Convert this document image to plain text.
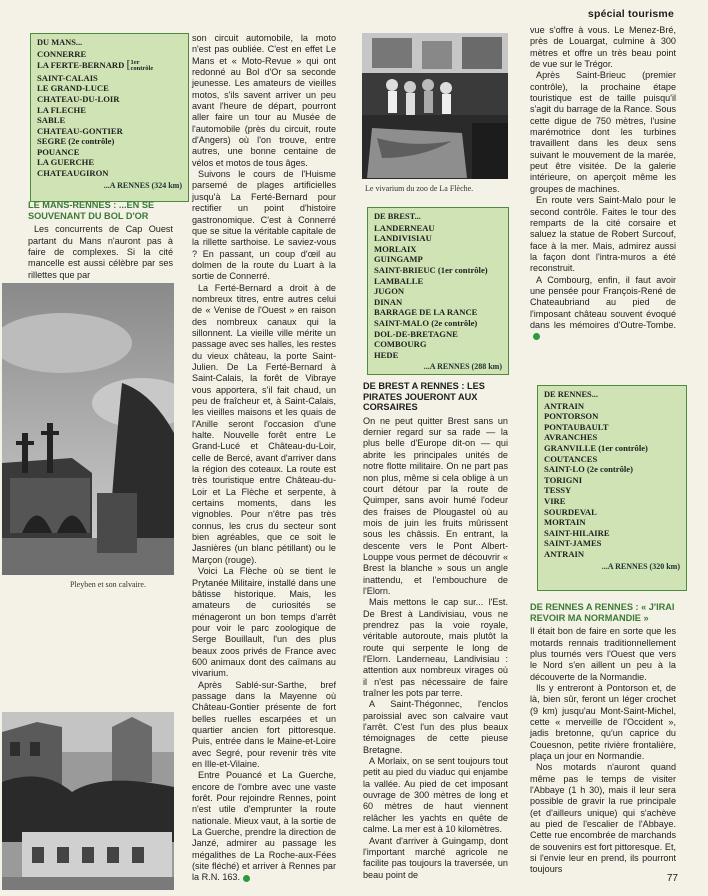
spécial tourisme
DU MANS...
CONNERRE
LA FERTE-BERNARD [1er
contrôle
SAINT-CALAIS
LE GRAND-LUCE
CHATEAU-DU-LOIR
LA FLECHE
SABLE
CHATEAU-GONTIER
SEGRE (2e contrôle)
POUANCE
LA GUERCHE
CHATEAUGIRON
...A RENNES (324 km)
LE MANS-RENNES : ...EN SE SOUVENANT DU BOL D'OR

Les concurrents de Cap Ouest partant du Mans n'auront pas à faire de complexes. Si la cité mancelle est aussi célèbre par ses rillettes que par

Pleyben et son calvaire.

son circuit automobile, la moto n'est pas oubliée. C'est en effet Le Mans et « Moto-Revue » qui ont redonné au Bol d'Or sa seconde jeunesse. Les amateurs de vieilles motos, s'ils savent arriver un peu avant l'heure de départ, pourront aller faire un tour au Musée de l'automobile (près du circuit, route d'Angers) où l'on trouve, entre autres, une bonne centaine de vélos et motos de tous âges.

Suivons le cours de l'Huisme parsemé de plages artificielles jusqu'à La Ferté-Bernard pour rectifier un point d'histoire gastronomique. C'est à Connerré que se situe la véritable capitale de la rillette sarthoise. Le saviez-vous ? En passant, un coup d'œil au dolmen de la route du Luart à la sortie de Connerré.

La Ferté-Bernard a droit à de nombreux titres, entre autres celui de « Venise de l'Ouest » en raison des nombreux canaux qui la sillonnent. La vieille ville mérite un passage avec ses halles, les restes du vieux château, la porte Saint-Julien. De La Ferté-Bernard à Saint-Calais, la forêt de Vibraye vous apportera, s'il fait chaud, un peu de fraîcheur et, à Saint-Calais, les vieilles maisons et les quais de l'Anille seront l'occasion d'une halte. Nouvelle forêt entre Le Grand-Lucé et Château-du-Loir, celle de Bercé, avant d'arriver dans la région des coteaux. La route est très touristique entre Château-du-Loir et La Flèche et serpente, à certains moments, dans les vignobles. Pour n'être pas très connus, les crus du secteur sont bien agréables, que ce soit le Jasnières (un blanc pétillant) ou le Marçon (rouge).

Voici La Flèche où se tient le Prytanée Militaire, installé dans une bâtisse historique. Mais, les amateurs de curiosités se ménageront un bon temps d'arrêt pour voir le parc zoologique de Serge Bouillault, l'un des plus beaux zoos privés de France avec 600 animaux dont des caïmans au vivarium.

Après Sablé-sur-Sarthe, bref passage dans la Mayenne où Château-Gontier présente de fort belles ruelles escarpées et un quartier ancien fort pittoresque. Puis, entrée dans le Maine-et-Loire avec Segré, pour revenir très vite en Ille-et-Vilaine.

Entre Pouancé et La Guerche, encore de l'ombre avec une vaste forêt. Pour rejoindre Rennes, point n'est utile d'emprunter la route nationale. Mieux vaut, à la sortie de La Guerche, prendre la direction de Janzé, admirer au passage les mégalithes de La Roche-aux-Fées (site fléché) et arriver à Rennes par la R.N. 163.

Le vivarium du zoo de La Flèche.
DE BREST...
LANDERNEAU
LANDIVISIAU
MORLAIX
GUINGAMP
SAINT-BRIEUC (1er contrôle)
LAMBALLE
JUGON
DINAN
BARRAGE DE LA RANCE
SAINT-MALO (2e contrôle)
DOL-DE-BRETAGNE
COMBOURG
HEDE
...A RENNES (288 km)
DE BREST A RENNES : LES PIRATES JOUERONT AUX CORSAIRES

On ne peut quitter Brest sans un dernier regard sur sa rade — la plus belle d'Europe dit-on — qui abrite les principales unités de notre flotte militaire. On ne part pas non plus, même si cela oblige à un court détour par la route de Quimper, sans avoir humé l'odeur des fraises de Plougastel où au mois de juin les fruits mûrissent sous les châssis. En entrant, la descente vers le Pont Albert-Louppe vous permet de découvrir « Brest la blanche » sous un angle inattendu, et l'embouchure de l'Elorn.

Mais mettons le cap sur... l'Est. De Brest à Landivisiau, vous ne prendrez pas la voie royale, véritable autoroute, mais plutôt la route qui serpente le long de l'Elorn. Landerneau, Landivisiau : attention aux nombreux virages où il n'est pas nécessaire de faire traîner les pots par terre.

A Saint-Thégonnec, l'enclos paroissial avec son calvaire vaut l'arrêt. C'est l'un des plus beaux témoignages de cette pieuse Bretagne.

A Morlaix, on se sent toujours tout petit au pied du viaduc qui enjambe la vallée. Au pied de cet imposant ouvrage de 300 mètres de long et 60 mètres de haut viennent relâcher les yachts en quête de calme. La mer est à 10 kilomètres.

Avant d'arriver à Guingamp, dont l'important marché agricole ne facilite pas toujours la traversée, un beau point de

vue s'offre à vous. Le Menez-Bré, près de Louargat, culmine à 300 mètres et offre un très beau point de vue sur le Trégor.

Après Saint-Brieuc (premier contrôle), la prochaine étape touristique est de taille puisqu'il s'agit du barrage de la Rance. Sous cette digue de 750 mètres, l'usine marémotrice dont les turbines travaillent dans les deux sens suivant le mouvement de la marée, peut être visitée. De la galerie intérieure, on aperçoit même les groupes de machines.

En route vers Saint-Malo pour le second contrôle. Faites le tour des remparts de la cité corsaire et saluez la statue de Robert Surcouf, face à la mer. Mais, admirez aussi la façon dont l'intra-muros a été reconstruit.

A Combourg, enfin, il faut avoir une pensée pour François-René de Chateaubriand au pied de l'imposant château souvent évoqué dans les mémoires d'Outre-Tombe.

DE RENNES...
ANTRAIN
PONTORSON
PONTAUBAULT
AVRANCHES
GRANVILLE (1er contrôle)
COUTANCES
SAINT-LO (2e contrôle)
TORIGNI
TESSY
VIRE
SOURDEVAL
MORTAIN
SAINT-HILAIRE
SAINT-JAMES
ANTRAIN
...A RENNES (320 km)
DE RENNES A RENNES : « J'IRAI REVOIR MA NORMANDIE »

Il était bon de faire en sorte que les motards rennais traditionnellement plus tournés vers l'Ouest que vers le Nord s'en aillent un peu à la découverte de la Normandie.

Ils y entreront à Pontorson et, de là, bien sûr, feront un léger crochet (9 km) jusqu'au Mont-Saint-Michel, cette « merveille de l'Occident », jadis bretonne, qu'un caprice du Couesnon, petite rivière frontalière, plaça un jour en Normandie.

Nos motards n'auront quand même pas le temps de visiter l'Abbaye (1 h 30), mais il leur sera possible de gravir la rue principale (et d'ailleurs unique) qui s'achève au pied de l'escalier de l'Abbaye. Cette rue encombrée de marchands de souvenirs est fort pittoresque. Et, si l'envie leur en prend, ils pourront toujours

77
